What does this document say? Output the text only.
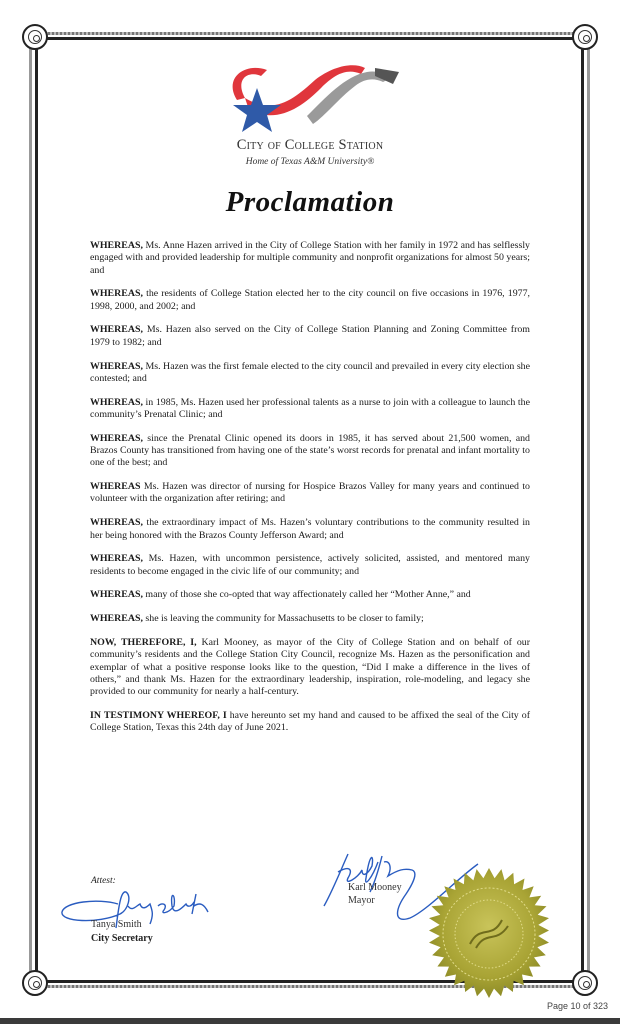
City of College Station
Home of Texas A&M University®
Proclamation

WHEREAS, Ms. Anne Hazen arrived in the City of College Station with her family in 1972 and has selflessly engaged with and provided leadership for multiple community and nonprofit organizations for almost 50 years; and

WHEREAS, the residents of College Station elected her to the city council on five occasions in 1976, 1977, 1998, 2000, and 2002; and

WHEREAS, Ms. Hazen also served on the City of College Station Planning and Zoning Committee from 1979 to 1982; and

WHEREAS, Ms. Hazen was the first female elected to the city council and prevailed in every city election she contested; and

WHEREAS, in 1985, Ms. Hazen used her professional talents as a nurse to join with a colleague to launch the community’s Prenatal Clinic; and

WHEREAS, since the Prenatal Clinic opened its doors in 1985, it has served about 21,500 women, and Brazos County has transitioned from having one of the state’s worst records for prenatal and infant mortality to one of the best; and

WHEREAS Ms. Hazen was director of nursing for Hospice Brazos Valley for many years and continued to volunteer with the organization after retiring; and

WHEREAS, the extraordinary impact of Ms. Hazen’s voluntary contributions to the community resulted in her being honored with the Brazos County Jefferson Award; and

WHEREAS, Ms. Hazen, with uncommon persistence, actively solicited, assisted, and mentored many residents to become engaged in the civic life of our community; and

WHEREAS, many of those she co-opted that way affectionately called her “Mother Anne,” and

WHEREAS, she is leaving the community for Massachusetts to be closer to family;

NOW, THEREFORE, I, Karl Mooney, as mayor of the City of College Station and on behalf of our community’s residents and the College Station City Council, recognize Ms. Hazen as the personification and exemplar of what a positive response looks like to the question, “Did I make a difference in the lives of others,” and thank Ms. Hazen for the extraordinary leadership, inspiration, role-modeling, and legacy she provided to our community for nearly a half-century.

IN TESTIMONY WHEREOF, I have hereunto set my hand and caused to be affixed the seal of the City of College Station, Texas this 24th day of June 2021.

Attest:
Tanya Smith
City Secretary
Karl Mooney
Mayor
Page 10 of 323
